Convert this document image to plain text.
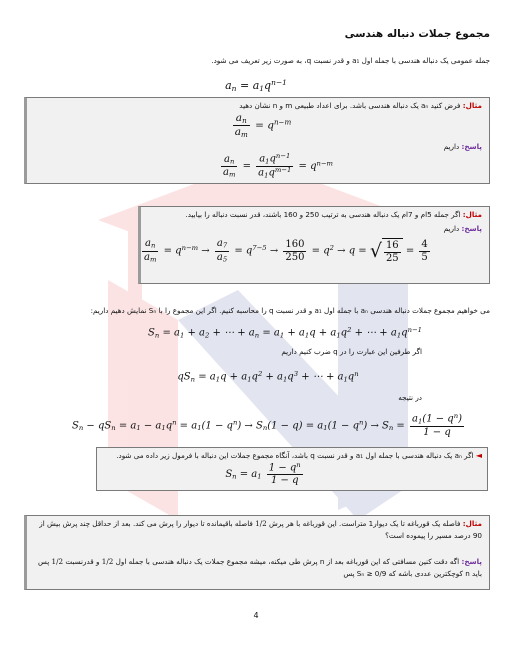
مجموع جملات دنباله هندسی
جمله عمومی یک دنباله هندسی با جمله اول a₁ و قدر نسبت q، به صورت زیر تعریف می شود.
an = $a1q^{n-1}$
مثال: فرض کنید aₙ یک دنباله هندسی باشد. برای اعداد طبیعی m و n نشان دهید
$\frac{an}{am} = q^{n-m}$
پاسخ: داریم
$\frac{an}{am} = \frac{a1q^{n-1}}{a1q^{m-1}} = q^{n-m}$
مثال: اگر جمله 5ام و 7ام یک دنباله هندسی به ترتیب 250 و 160 باشند، قدر نسبت دنباله را بیابید.
پاسخ: داریم
$\frac{an}{am} = q^{n-m} \to \frac{a7}{a5} = q^{7-5} \to \frac{160}{250} = q^2 \to q$ = √ $\frac{16}{25} \frac{4}{5}$
می خواهیم مجموع جملات دنباله هندسی aₙ با جمله اول a₁ و قدر نسبت q را محاسبه کنیم. اگر این مجموع را با Sₙ نمایش دهیم داریم:
Sn = a1 + a2 + ⋯ + an = $a1 + a1q + a1q^2$ + ⋯ + $a1q^{n-1}$
اگر طرفین این عبارت را در q ضرب کنیم داریم
qSn = $a1q + a1q^2 + a1q^3$ + ⋯ + $a1q^n$
در نتیجه
Sn − qSn = $a1 - a1q^n = a1(1 - q^n) \to Sn(1 - q) = a1(1 - q^n) \to Sn = \frac{a1(1 - q^n)}{1 - q}$
◄ اگر aₙ یک دنباله هندسی با جمله اول a₁ و قدر نسبت q باشد، آنگاه مجموع جملات این دنباله با فرمول زیر داده می شود.
$Sn = a1 \frac{1 - q^n}{1 - q}$
مثال: فاصله یک قورباغه تا یک دیوار1 متراست. این قورباغه با هر پرش 1/2 فاصله باقیمانده تا دیوار را پرش می کند. بعد از حداقل چند پرش بیش از 90 درصد مسیر را پیموده است؟
پاسخ: اگه دقت کنین مسافتی که این قورباغه بعد از n پرش طی میکنه، میشه مجموع جملات یک دنباله هندسی با جمله اول 1/2 و قدرنسبت 1/2 پس باید n کوچکترین عددی باشه که Sₙ ≥ 0/9 پس
4
